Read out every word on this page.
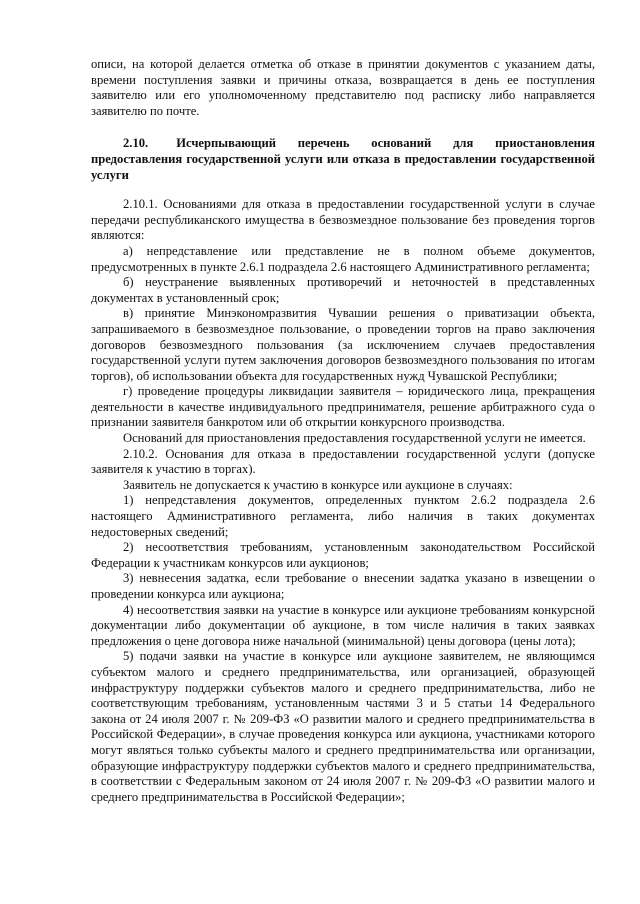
описи, на которой делается отметка об отказе в принятии документов с указанием даты, времени поступления заявки и причины отказа, возвращается в день ее поступления заявителю или его уполномоченному представителю под расписку либо направляется заявителю по почте.

2.10. Исчерпывающий перечень оснований для приостановления предоставления государственной услуги или отказа в предоставлении государственной услуги

2.10.1. Основаниями для отказа в предоставлении государственной услуги в случае передачи республиканского имущества в безвозмездное пользование без проведения торгов являются:

а) непредставление или представление не в полном объеме документов, предусмотренных в пункте 2.6.1 подраздела 2.6 настоящего Административного регламента;

б) неустранение выявленных противоречий и неточностей в представленных документах в установленный срок;

в) принятие Минэкономразвития Чувашии решения о приватизации объекта, запрашиваемого в безвозмездное пользование, о проведении торгов на право заключения договоров безвозмездного пользования (за исключением случаев предоставления государственной услуги путем заключения договоров безвозмездного пользования по итогам торгов), об использовании объекта для государственных нужд Чувашской Республики;

г) проведение процедуры ликвидации заявителя – юридического лица, прекращения деятельности в качестве индивидуального предпринимателя, решение арбитражного суда о признании заявителя банкротом или об открытии конкурсного производства.

Оснований для приостановления предоставления государственной услуги не имеется.

2.10.2. Основания для отказа в предоставлении государственной услуги (допуске заявителя к участию в торгах).

Заявитель не допускается к участию в конкурсе или аукционе в случаях:

1) непредставления документов, определенных пунктом 2.6.2 подраздела 2.6 настоящего Административного регламента, либо наличия в таких документах недостоверных сведений;

2) несоответствия требованиям, установленным законодательством Российской Федерации к участникам конкурсов или аукционов;

3) невнесения задатка, если требование о внесении задатка указано в извещении о проведении конкурса или аукциона;

4) несоответствия заявки на участие в конкурсе или аукционе требованиям конкурсной документации либо документации об аукционе, в том числе наличия в таких заявках предложения о цене договора ниже начальной (минимальной) цены договора (цены лота);

5) подачи заявки на участие в конкурсе или аукционе заявителем, не являющимся субъектом малого и среднего предпринимательства, или организацией, образующей инфраструктуру поддержки субъектов малого и среднего предпринимательства, либо не соответствующим требованиям, установленным частями 3 и 5 статьи 14 Федерального закона от 24 июля 2007 г. № 209-ФЗ «О развитии малого и среднего предпринимательства в Российской Федерации», в случае проведения конкурса или аукциона, участниками которого могут являться только субъекты малого и среднего предпринимательства или организации, образующие инфраструктуру поддержки субъектов малого и среднего предпринимательства, в соответствии с Федеральным законом от 24 июля 2007 г. № 209-ФЗ «О развитии малого и среднего предпринимательства в Российской Федерации»;
